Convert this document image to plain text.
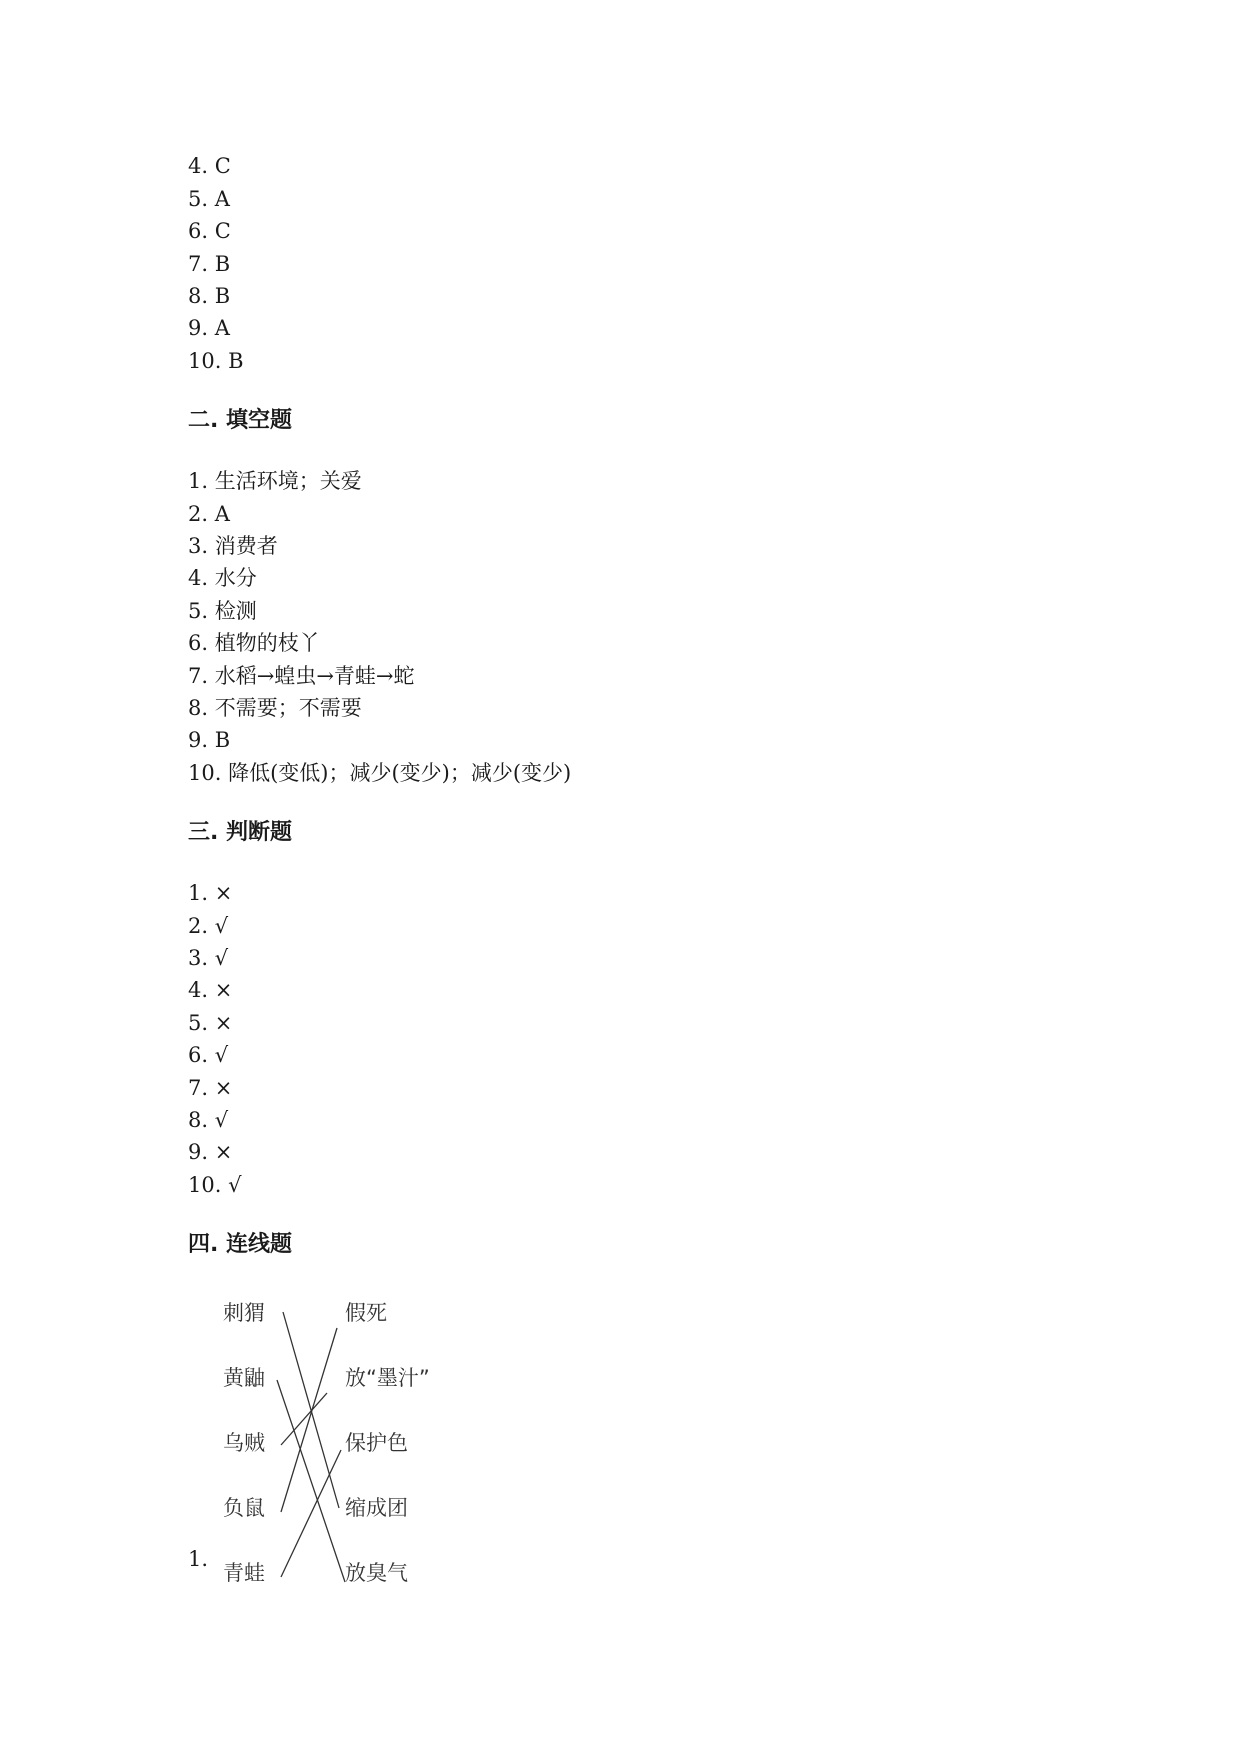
4. C
5. A
6. C
7. B
8. B
9. A
10. B
二. 填空题
1. 生活环境；关爱
2. A
3. 消费者
4. 水分
5. 检测
6. 植物的枝丫
7. 水稻→蝗虫→青蛙→蛇
8. 不需要；不需要
9. B
10. 降低(变低)；减少(变少)；减少(变少)
三. 判断题
1. ×
2. √
3. √
4. ×
5. ×
6. √
7. ×
8. √
9. ×
10. √
四. 连线题
1.
刺猬
黄鼬
乌贼
负鼠
青蛙
假死
放“墨汁”
保护色
缩成团
放臭气
